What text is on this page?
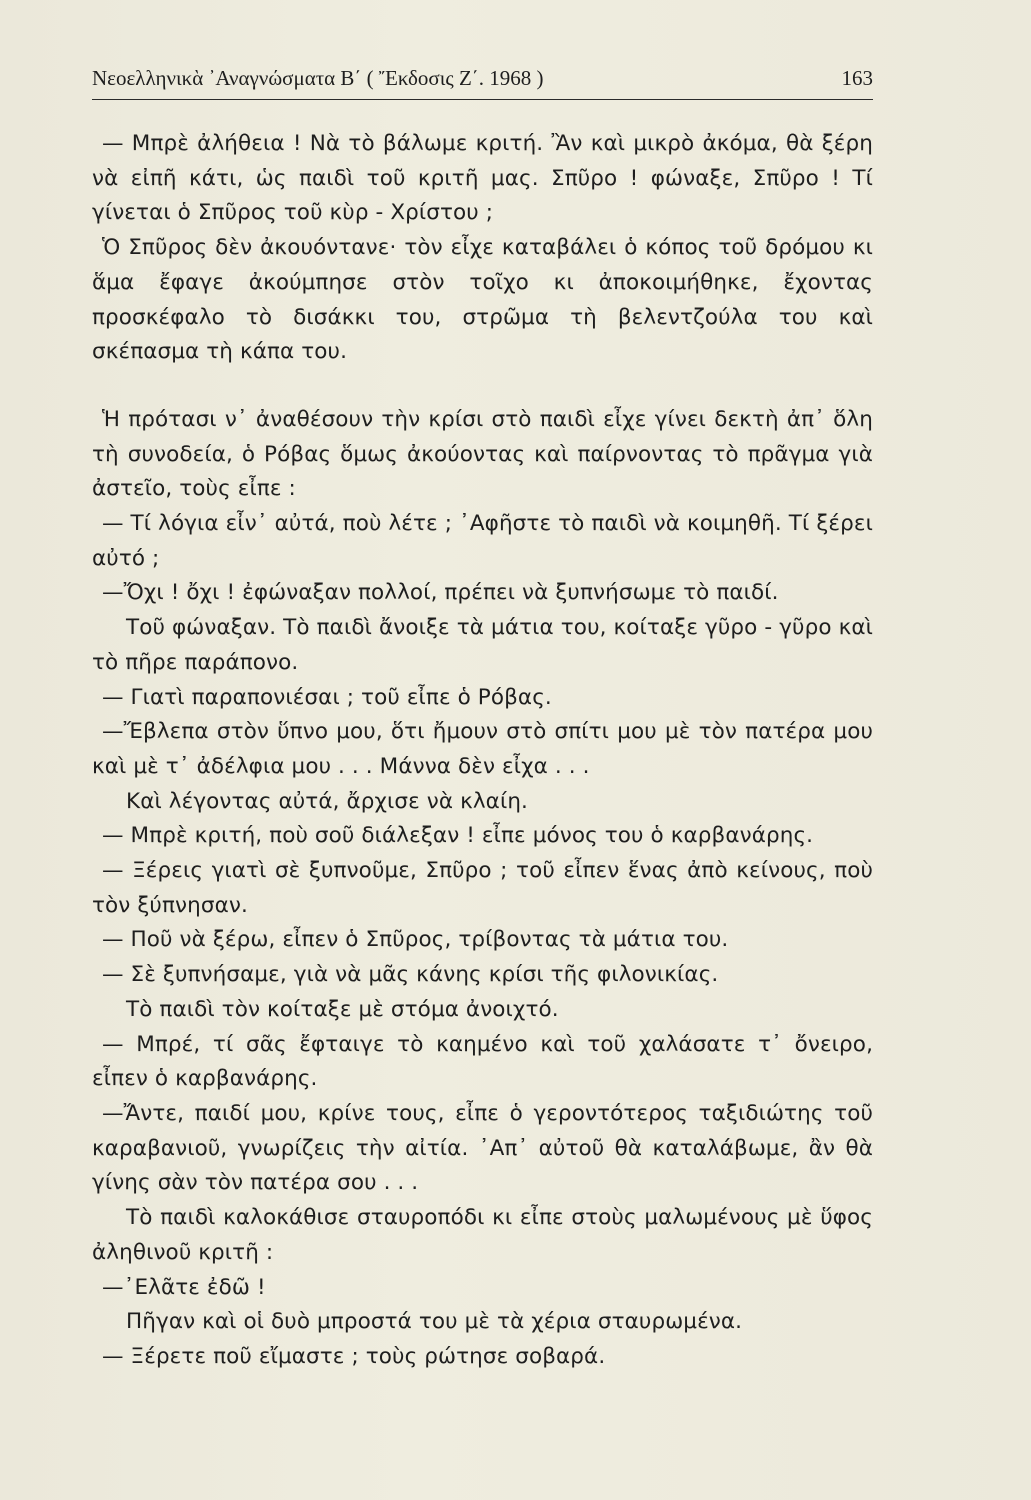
Νεοελληνικὰ ᾽Αναγνώσματα Β΄ ( Ἔκδοσις Ζ΄. 1968 )	163

— Μπρὲ ἀλήθεια ! Νὰ τὸ βάλωμε κριτή. Ἂν καὶ μικρὸ ἀκόμα, θὰ ξέρη νὰ εἰπῆ κάτι, ὡς παιδὶ τοῦ κριτῆ μας. Σπῦρο ! φώναξε, Σπῦρο ! Τί γίνεται ὁ Σπῦρος τοῦ κὺρ - Χρίστου ;

Ὁ Σπῦρος δὲν ἀκουόντανε· τὸν εἶχε καταβάλει ὁ κόπος τοῦ δρόμου κι ἅμα ἔφαγε ἀκούμπησε στὸν τοῖχο κι ἀποκοιμήθηκε, ἔχοντας προσκέφαλο τὸ δισάκκι του, στρῶμα τὴ βελεντζούλα του καὶ σκέπασμα τὴ κάπα του.

Ἡ πρότασι ν᾽ ἀναθέσουν τὴν κρίσι στὸ παιδὶ εἶχε γίνει δεκτὴ ἀπ᾽ ὅλη τὴ συνοδεία, ὁ Ρόβας ὅμως ἀκούοντας καὶ παίρνοντας τὸ πρᾶγμα γιὰ ἀστεῖο, τοὺς εἶπε :

— Τί λόγια εἶν᾽ αὐτά, ποὺ λέτε ; ᾽Αφῆστε τὸ παιδὶ νὰ κοιμηθῆ. Τί ξέρει αὐτό ;

—Ὄχι ! ὄχι ! ἐφώναξαν πολλοί, πρέπει νὰ ξυπνήσωμε τὸ παιδί.

Τοῦ φώναξαν. Τὸ παιδὶ ἄνοιξε τὰ μάτια του, κοίταξε γῦρο - γῦρο καὶ τὸ πῆρε παράπονο.

— Γιατὶ παραπονιέσαι ; τοῦ εἶπε ὁ Ρόβας.

—Ἔβλεπα στὸν ὕπνο μου, ὅτι ἤμουν στὸ σπίτι μου μὲ τὸν πατέρα μου καὶ μὲ τ᾽ ἀδέλφια μου . . . Μάννα δὲν εἶχα . . .

Καὶ λέγοντας αὐτά, ἄρχισε νὰ κλαίη.

— Μπρὲ κριτή, ποὺ σοῦ διάλεξαν ! εἶπε μόνος του ὁ καρβανάρης.

— Ξέρεις γιατὶ σὲ ξυπνοῦμε, Σπῦρο ; τοῦ εἶπεν ἕνας ἀπὸ κείνους, ποὺ τὸν ξύπνησαν.

— Ποῦ νὰ ξέρω, εἶπεν ὁ Σπῦρος, τρίβοντας τὰ μάτια του.

— Σὲ ξυπνήσαμε, γιὰ νὰ μᾶς κάνης κρίσι τῆς φιλονικίας.

Τὸ παιδὶ τὸν κοίταξε μὲ στόμα ἀνοιχτό.

— Μπρέ, τί σᾶς ἔφταιγε τὸ καημένο καὶ τοῦ χαλάσατε τ᾽ ὄνειρο, εἶπεν ὁ καρβανάρης.

—Ἄντε, παιδί μου, κρίνε τους, εἶπε ὁ γεροντότερος ταξιδιώτης τοῦ καραβανιοῦ, γνωρίζεις τὴν αἰτία. ᾽Απ᾽ αὐτοῦ θὰ καταλάβωμε, ἂν θὰ γίνης σὰν τὸν πατέρα σου . . .

Τὸ παιδὶ καλοκάθισε σταυροπόδι κι εἶπε στοὺς μαλωμένους μὲ ὕφος ἀληθινοῦ κριτῆ :

—᾽Ελᾶτε ἐδῶ !

Πῆγαν καὶ οἱ δυὸ μπροστά του μὲ τὰ χέρια σταυρωμένα.

— Ξέρετε ποῦ εἴμαστε ; τοὺς ρώτησε σοβαρά.
